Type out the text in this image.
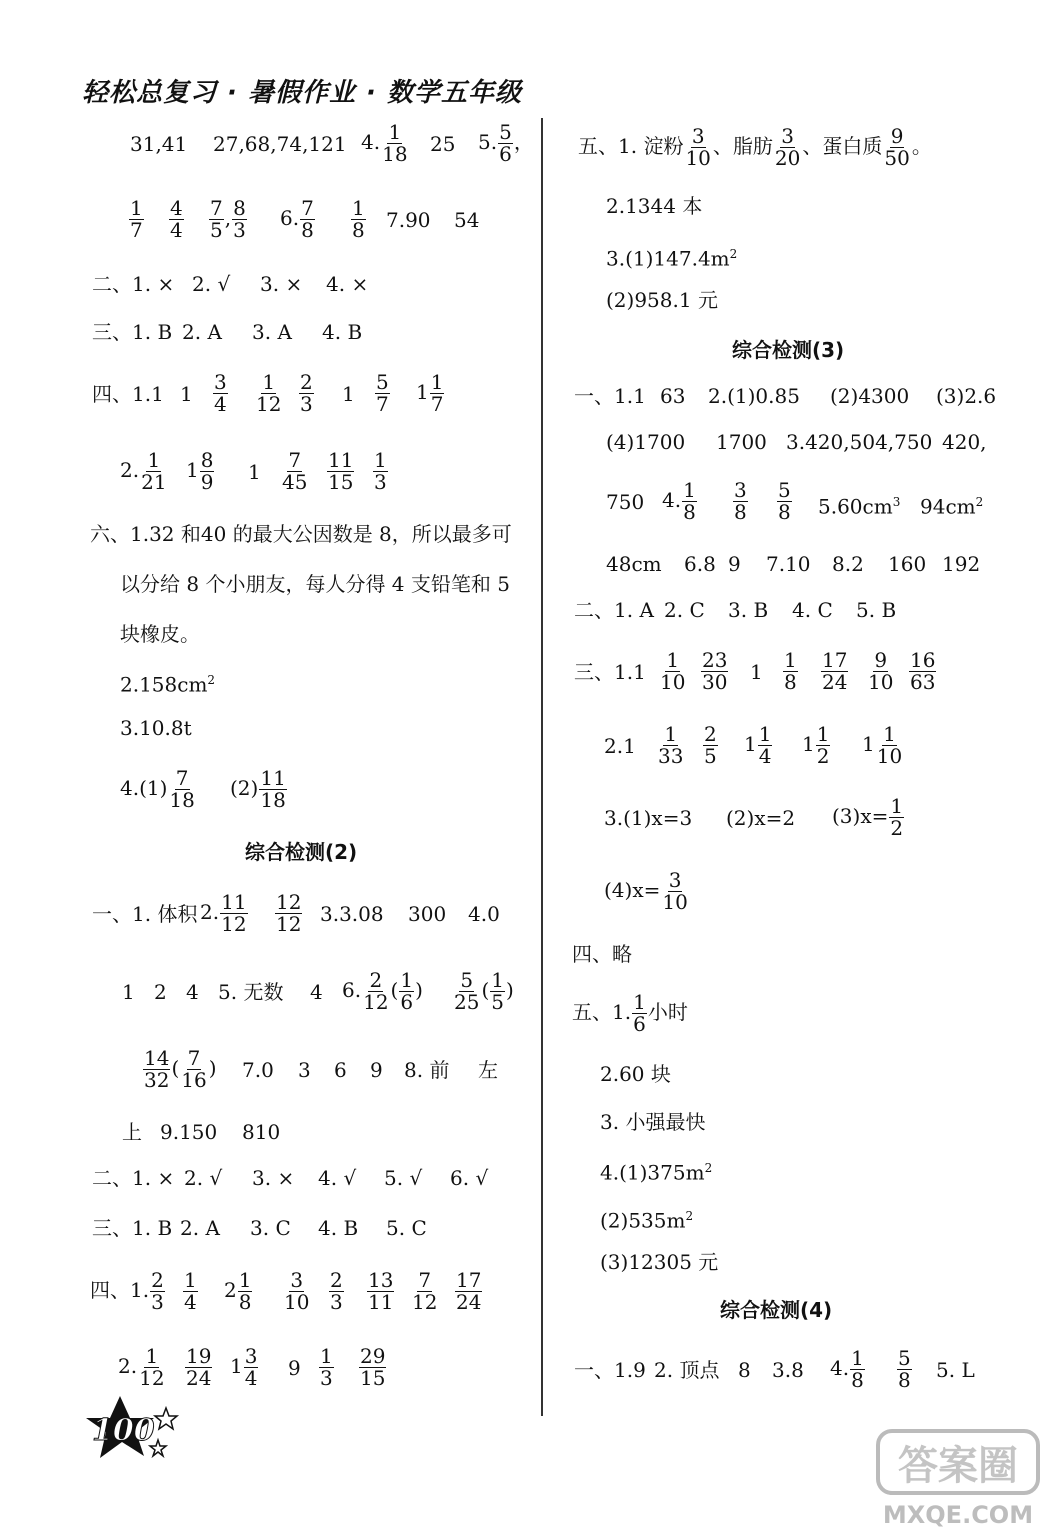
轻松总复习 · 暑假作业 · 数学五年级
31,41 27,68,74,121 4. $\frac{1}{18} 25$ 5. $\frac{5}{6}$ ，
$\frac{1}{7} \frac{4}{4} \frac{7}{5}$ , $\frac{8}{3} 6$. $\frac{7}{8} \frac{1}{8} 7.90$ 54
二、1. × 2. √ 3. × 4. ×
三、1. B 2. A 3. A 4. B
四、1.1 $1 \frac{3}{4} \frac{1}{12} \frac{2}{3} 1 \frac{5}{7} 1 \frac{1}{7}$
2. $\frac{1}{21} 1 \frac{8}{9} 1 \frac{7}{45} \frac{11}{15} \frac{1}{3}$
六、1.32 和40 的最大公因数是 8，所以最多可
以分给 8 个小朋友，每人分得 4 支铅笔和 5
块橡皮。
$2.158cm^2$
3.10.8t
$4.(1) \frac{7}{18} (2) \frac{11}{18}$
综合检测(2)
一、1. 体积 2. $\frac{11}{12} \frac{12}{12} 3.3.08$ 300 4.0
1 2 4 5. 无数 4 6. $\frac{2}{12}$ ( $\frac{1}{6}$ ) $\frac{5}{25}$ ( $\frac{1}{5}$ )
$\frac{14}{32}$ ( $\frac{7}{16}$ ) 7.0 3 6 9 8. 前 左
上 9.150 810
二、1. × 2. √ 3. × 4. √ 5. √ 6. √
三、1. B 2. A 3. C 4. B 5. C
四、1. $\frac{2}{3} \frac{1}{4} 2 \frac{1}{8} \frac{3}{10} \frac{2}{3} \frac{13}{11} \frac{7}{12} \frac{17}{24}$
2. $\frac{1}{12} \frac{19}{24} 1 \frac{3}{4} 9 \frac{1}{3} \frac{29}{15}$
五、1. 淀粉 $\frac{3}{10}$ 、脂肪 $\frac{3}{20}$ 、蛋白质 $\frac{9}{50}$ 。
2.1344 本
$3.(1)147.4m^2$
(2)958.1 元
综合检测(3)
一、1.1 63 2.(1)0.85 (2)4300 (3)2.6
(4)1700 1700 3.420,504,750 420,
750 4. $\frac{1}{8} \frac{3}{8} \frac{5}{8} 5.60cm^3$ $94cm^2$
48cm 6.8 9 7.10 8.2 160 192
二、1. A 2. C 3. B 4. C 5. B
三、$1.1 \frac{1}{10} \frac{23}{30} 1 \frac{1}{8} \frac{17}{24} \frac{9}{10} \frac{16}{63}$
$2.1 \frac{1}{33} \frac{2}{5} 1 \frac{1}{4} 1 \frac{1}{2} 1 \frac{1}{10}$
3.(1)x=3 (2)x=2 $(3)x= \frac{1}{2}$
$(4)x= \frac{3}{10}$
四、略
五、1. $\frac{1}{6}$ 小时
2.60 块
3. 小强最快
$4.(1)375m^2$
$(2)535m^2$
(3)12305 元
综合检测(4)
一、1.9 2. 顶点 8 3.8 4. $\frac{1}{8} \frac{5}{8} 5$. L
100
答案圈
MXQE.COM
